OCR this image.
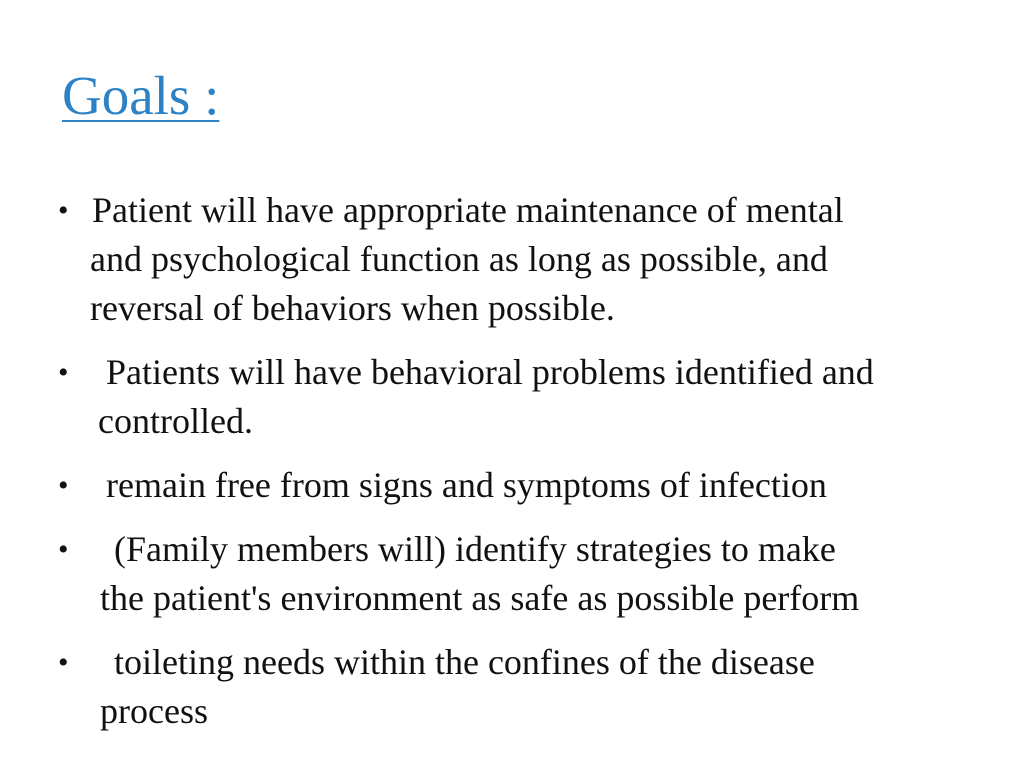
Goals :
• Patient will have appropriate maintenance of mental
and psychological function as long as possible, and
reversal of behaviors when possible.
• Patients will have behavioral problems identified and
controlled.
• remain free from signs and symptoms of infection
• (Family members will) identify strategies to make
the patient's environment as safe as possible perform
• toileting needs within the confines of the disease
process
